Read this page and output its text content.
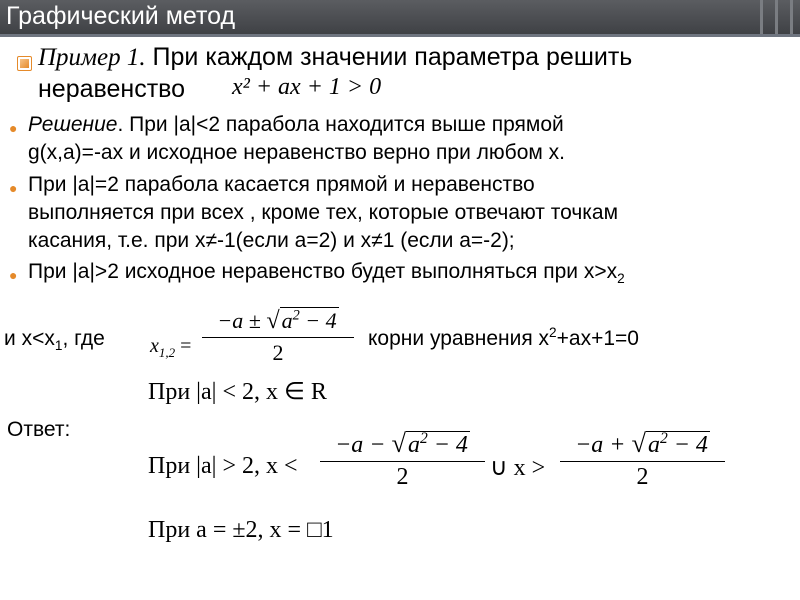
Графический метод
Пример 1. При каждом значении параметра решить
неравенство x² + ax + 1 > 0
● Решение. При |a|<2 парабола находится выше прямой
g(x,a)=-ax и исходное неравенство верно при любом x.
● При |a|=2 парабола касается прямой и неравенство
выполняется при всех , кроме тех, которые отвечают точкам
касания, т.е. при x≠-1(если a=2) и x≠1 (если a=-2);
● При |a|>2 исходное неравенство будет выполняться при $x>x_2$
и $x<x_1$, где $x_{1,2}$ =
$-a \pm √a^2 - 4$
2
корни уравнения $x^2+ax+1=0$
При |a| < 2, x ∈ R
Ответ:
При |a| > 2, x <
$-a - √a^2 - 4$
2	∪ x >
$-a + √a^2 - 4$
2
При a = ±2, x = □1
